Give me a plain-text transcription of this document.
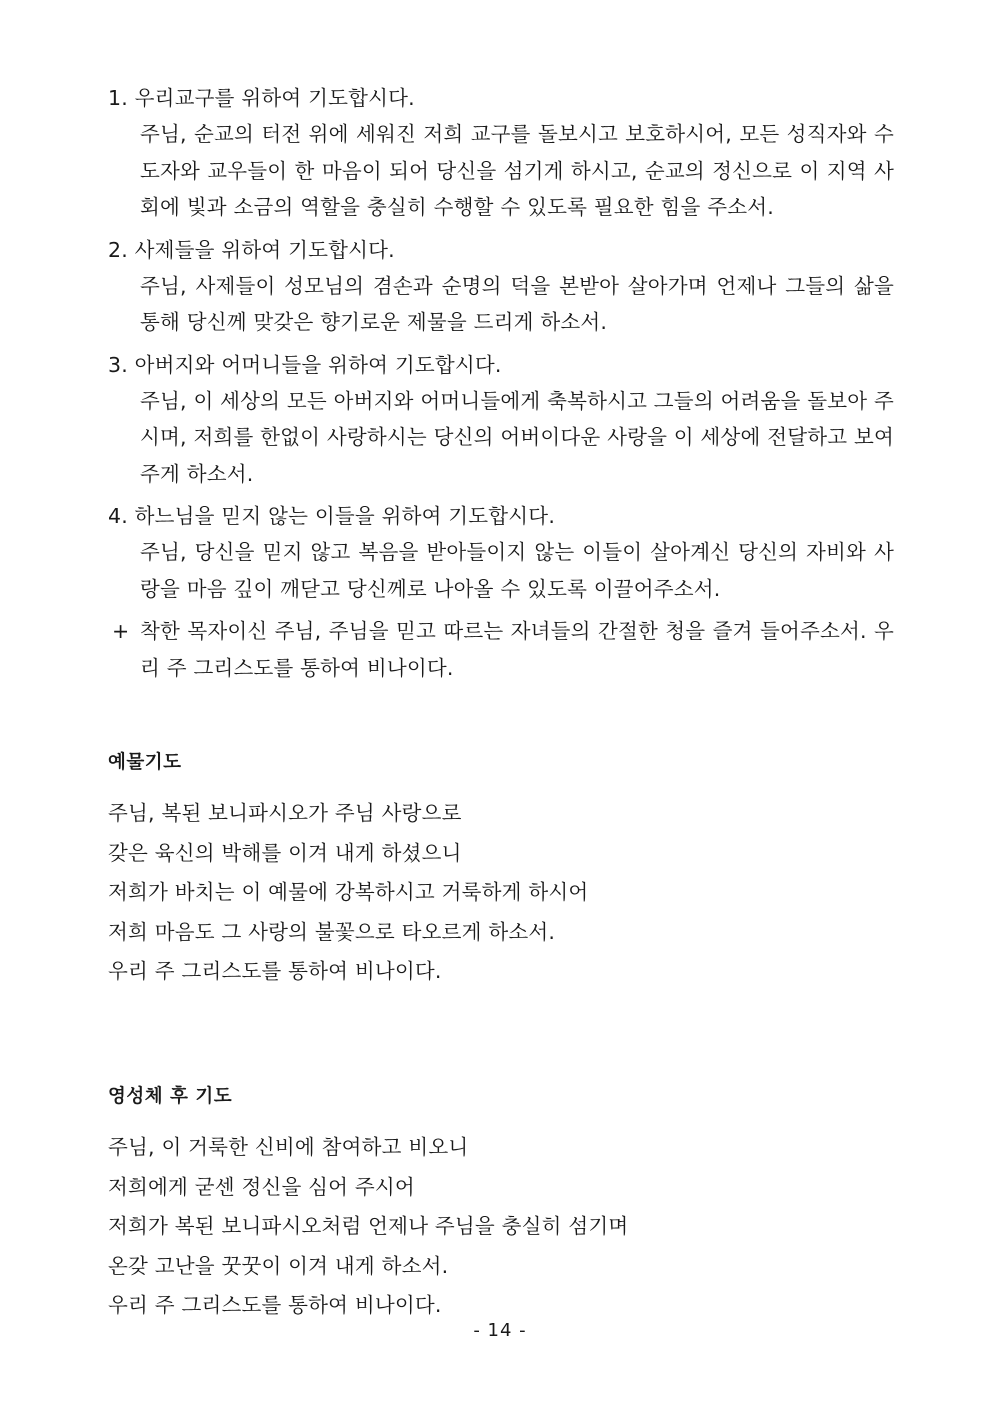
1. 우리교구를 위하여 기도합시다.
주님, 순교의 터전 위에 세워진 저희 교구를 돌보시고 보호하시어, 모든 성직자와 수도자와 교우들이 한 마음이 되어 당신을 섬기게 하시고, 순교의 정신으로 이 지역 사회에 빛과 소금의 역할을 충실히 수행할 수 있도록 필요한 힘을 주소서.
2. 사제들을 위하여 기도합시다.
주님, 사제들이 성모님의 겸손과 순명의 덕을 본받아 살아가며 언제나 그들의 삶을 통해 당신께 맞갖은 향기로운 제물을 드리게 하소서.
3. 아버지와 어머니들을 위하여 기도합시다.
주님, 이 세상의 모든 아버지와 어머니들에게 축복하시고 그들의 어려움을 돌보아 주시며, 저희를 한없이 사랑하시는 당신의 어버이다운 사랑을 이 세상에 전달하고 보여주게 하소서.
4. 하느님을 믿지 않는 이들을 위하여 기도합시다.
주님, 당신을 믿지 않고 복음을 받아들이지 않는 이들이 살아계신 당신의 자비와 사랑을 마음 깊이 깨닫고 당신께로 나아올 수 있도록 이끌어주소서.
+ 착한 목자이신 주님, 주님을 믿고 따르는 자녀들의 간절한 청을 즐겨 들어주소서. 우리 주 그리스도를 통하여 비나이다.
예물기도
주님, 복된 보니파시오가 주님 사랑으로
갖은 육신의 박해를 이겨 내게 하셨으니
저희가 바치는 이 예물에 강복하시고 거룩하게 하시어
저희 마음도 그 사랑의 불꽃으로 타오르게 하소서.
우리 주 그리스도를 통하여 비나이다.
영성체 후 기도
주님, 이 거룩한 신비에 참여하고 비오니
저희에게 굳센 정신을 심어 주시어
저희가 복된 보니파시오처럼 언제나 주님을 충실히 섬기며
온갖 고난을 꿋꿋이 이겨 내게 하소서.
우리 주 그리스도를 통하여 비나이다.
- 14 -
